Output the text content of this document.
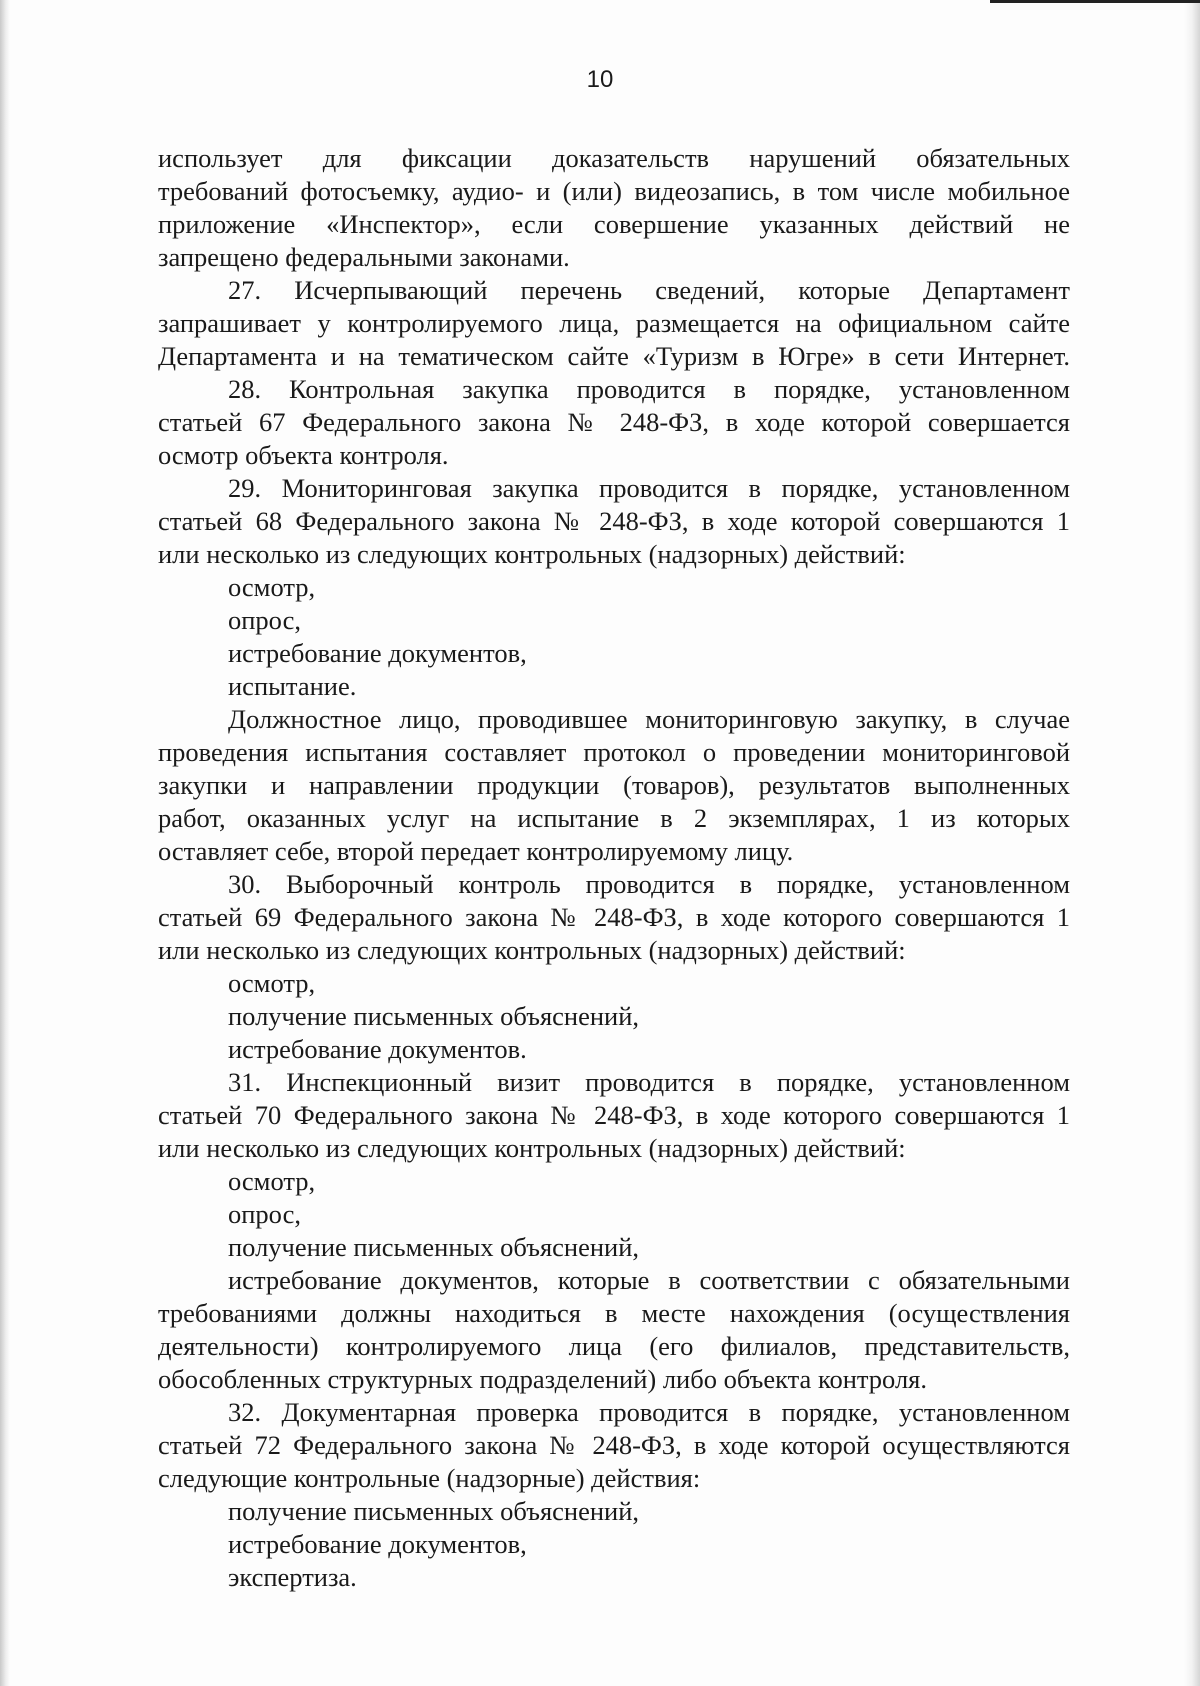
10
использует для фиксации доказательств нарушений обязательных
требований фотосъемку, аудио- и (или) видеозапись, в том числе мобильное
приложение «Инспектор», если совершение указанных действий не
запрещено федеральными законами.
27. Исчерпывающий перечень сведений, которые Департамент
запрашивает у контролируемого лица, размещается на официальном сайте
Департамента и на тематическом сайте «Туризм в Югре» в сети Интернет.
28. Контрольная закупка проводится в порядке, установленном
статьей 67 Федерального закона № 248-ФЗ, в ходе которой совершается
осмотр объекта контроля.
29. Мониторинговая закупка проводится в порядке, установленном
статьей 68 Федерального закона № 248-ФЗ, в ходе которой совершаются 1
или несколько из следующих контрольных (надзорных) действий:
осмотр,
опрос,
истребование документов,
испытание.
Должностное лицо, проводившее мониторинговую закупку, в случае
проведения испытания составляет протокол о проведении мониторинговой
закупки и направлении продукции (товаров), результатов выполненных
работ, оказанных услуг на испытание в 2 экземплярах, 1 из которых
оставляет себе, второй передает контролируемому лицу.
30. Выборочный контроль проводится в порядке, установленном
статьей 69 Федерального закона № 248-ФЗ, в ходе которого совершаются 1
или несколько из следующих контрольных (надзорных) действий:
осмотр,
получение письменных объяснений,
истребование документов.
31. Инспекционный визит проводится в порядке, установленном
статьей 70 Федерального закона № 248-ФЗ, в ходе которого совершаются 1
или несколько из следующих контрольных (надзорных) действий:
осмотр,
опрос,
получение письменных объяснений,
истребование документов, которые в соответствии с обязательными
требованиями должны находиться в месте нахождения (осуществления
деятельности) контролируемого лица (его филиалов, представительств,
обособленных структурных подразделений) либо объекта контроля.
32. Документарная проверка проводится в порядке, установленном
статьей 72 Федерального закона № 248-ФЗ, в ходе которой осуществляются
следующие контрольные (надзорные) действия:
получение письменных объяснений,
истребование документов,
экспертиза.
